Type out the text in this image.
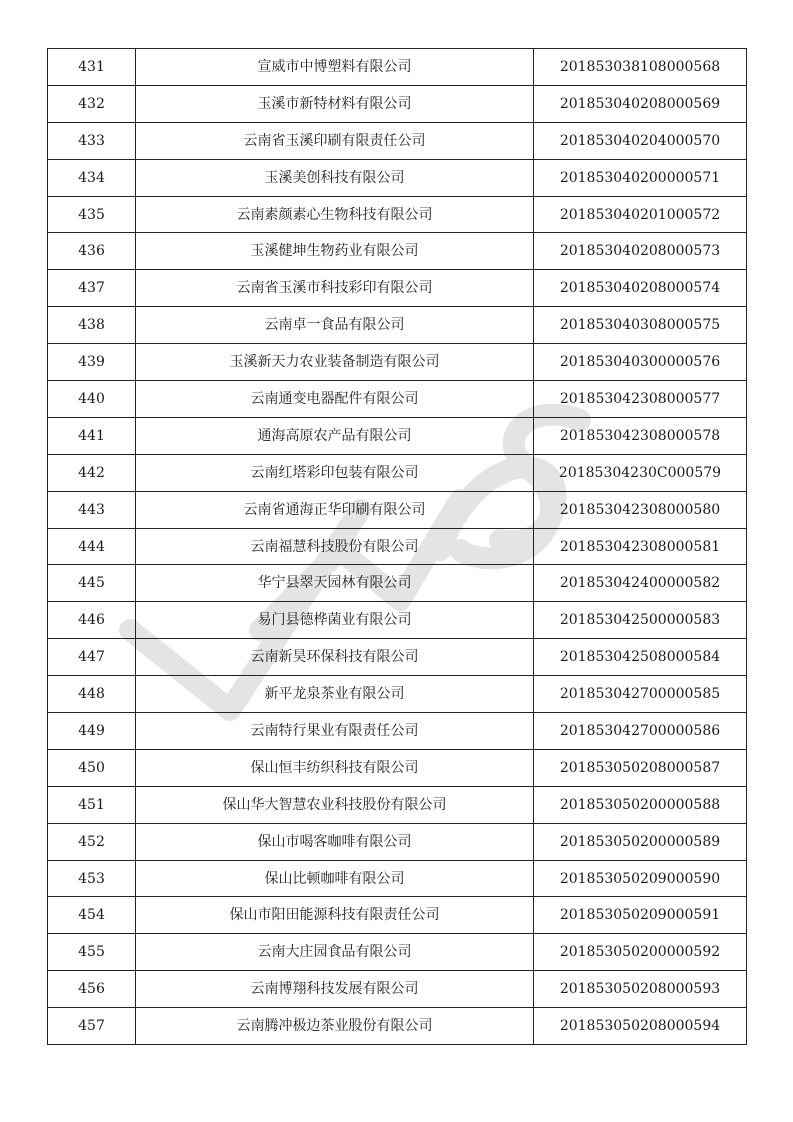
431	宣威市中博塑料有限公司	201853038108000568
432	玉溪市新特材料有限公司	201853040208000569
433	云南省玉溪印刷有限责任公司	201853040204000570
434	玉溪美创科技有限公司	201853040200000571
435	云南素颜素心生物科技有限公司	201853040201000572
436	玉溪健坤生物药业有限公司	201853040208000573
437	云南省玉溪市科技彩印有限公司	201853040208000574
438	云南卓一食品有限公司	201853040308000575
439	玉溪新天力农业装备制造有限公司	201853040300000576
440	云南通变电器配件有限公司	201853042308000577
441	通海高原农产品有限公司	201853042308000578
442	云南红塔彩印包装有限公司	20185304230C000579
443	云南省通海正华印刷有限公司	201853042308000580
444	云南福慧科技股份有限公司	201853042308000581
445	华宁县翠天园林有限公司	201853042400000582
446	易门县德桦菌业有限公司	201853042500000583
447	云南新昊环保科技有限公司	201853042508000584
448	新平龙泉茶业有限公司	201853042700000585
449	云南特行果业有限责任公司	201853042700000586
450	保山恒丰纺织科技有限公司	201853050208000587
451	保山华大智慧农业科技股份有限公司	201853050200000588
452	保山市喝客咖啡有限公司	201853050200000589
453	保山比顿咖啡有限公司	201853050209000590
454	保山市阳田能源科技有限责任公司	201853050209000591
455	云南大庄园食品有限公司	201853050200000592
456	云南博翔科技发展有限公司	201853050208000593
457	云南腾冲极边茶业股份有限公司	201853050208000594
